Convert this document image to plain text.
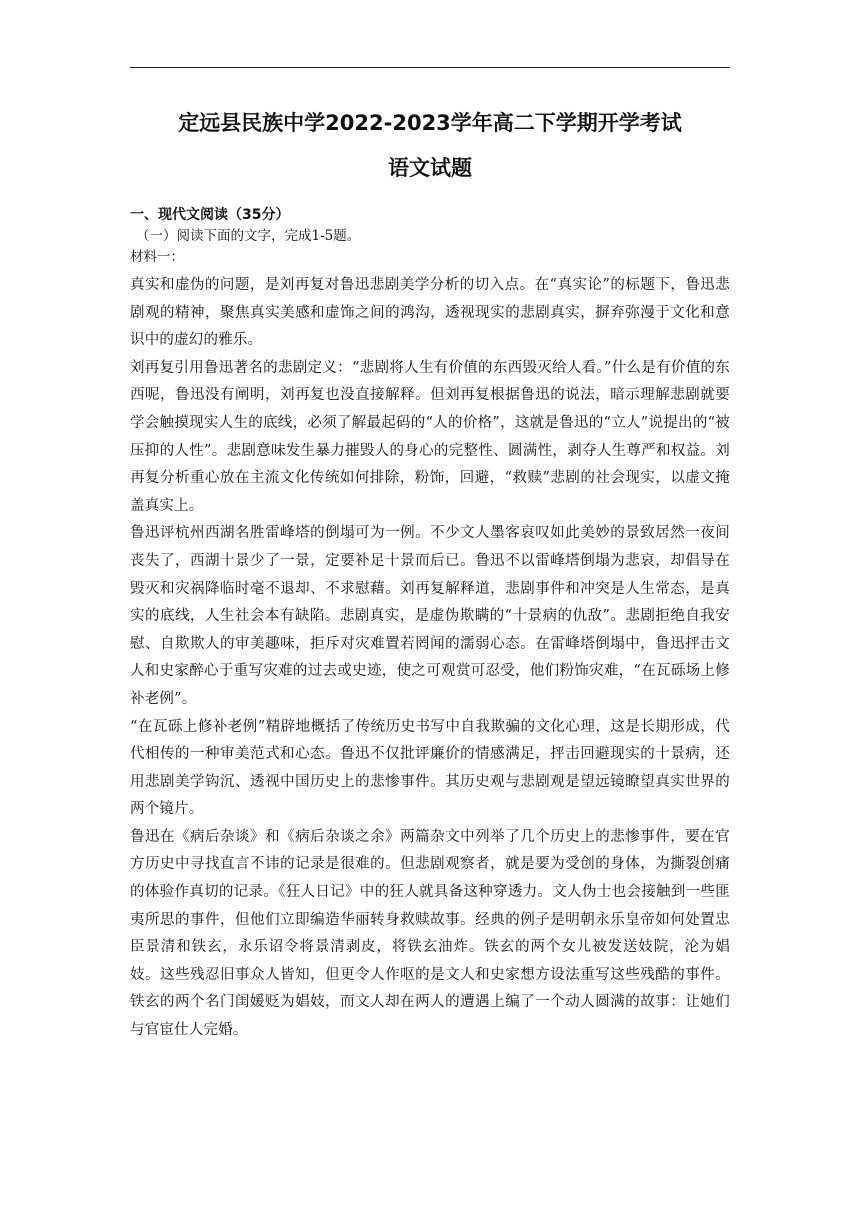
定远县民族中学2022-2023学年高二下学期开学考试
语文试题

一、现代文阅读（35分）

（一）阅读下面的文字，完成1-5题。

材料一：

真实和虚伪的问题，是刘再复对鲁迅悲剧美学分析的切入点。在“真实论”的标题下，鲁迅悲剧观的精神，聚焦真实美感和虚饰之间的鸿沟，透视现实的悲剧真实，摒弃弥漫于文化和意识中的虚幻的雅乐。

刘再复引用鲁迅著名的悲剧定义：“悲剧将人生有价值的东西毁灭给人看。”什么是有价值的东西呢，鲁迅没有阐明，刘再复也没直接解释。但刘再复根据鲁迅的说法，暗示理解悲剧就要学会触摸现实人生的底线，必须了解最起码的“人的价格”，这就是鲁迅的“立人”说提出的“被压抑的人性”。悲剧意味发生暴力摧毁人的身心的完整性、圆满性，剥夺人生尊严和权益。刘再复分析重心放在主流文化传统如何排除，粉饰，回避，“救赎”悲剧的社会现实，以虚文掩盖真实上。

鲁迅评杭州西湖名胜雷峰塔的倒塌可为一例。不少文人墨客哀叹如此美妙的景致居然一夜间丧失了，西湖十景少了一景，定要补足十景而后已。鲁迅不以雷峰塔倒塌为悲哀，却倡导在毁灭和灾祸降临时毫不退却、不求慰藉。刘再复解释道，悲剧事件和冲突是人生常态，是真实的底线，人生社会本有缺陷。悲剧真实，是虚伪欺瞒的“十景病的仇敌”。悲剧拒绝自我安慰、自欺欺人的审美趣味，拒斥对灾难置若罔闻的濡弱心态。在雷峰塔倒塌中，鲁迅抨击文人和史家醉心于重写灾难的过去或史迹，使之可观赏可忍受，他们粉饰灾难，“在瓦砾场上修补老例”。

“在瓦砾上修补老例”精辟地概括了传统历史书写中自我欺骗的文化心理，这是长期形成，代代相传的一种审美范式和心态。鲁迅不仅批评廉价的情感满足，抨击回避现实的十景病，还用悲剧美学钩沉、透视中国历史上的悲惨事件。其历史观与悲剧观是望远镜瞭望真实世界的两个镜片。

鲁迅在《病后杂谈》和《病后杂谈之余》两篇杂文中列举了几个历史上的悲惨事件，要在官方历史中寻找直言不讳的记录是很难的。但悲剧观察者，就是要为受创的身体，为撕裂创痛的体验作真切的记录。《狂人日记》中的狂人就具备这种穿透力。文人伪士也会接触到一些匪夷所思的事件，但他们立即编造华丽转身救赎故事。经典的例子是明朝永乐皇帝如何处置忠臣景清和铁玄，永乐诏令将景清剥皮，将铁玄油炸。铁玄的两个女儿被发送妓院，沦为娼妓。这些残忍旧事众人皆知，但更令人作呕的是文人和史家想方设法重写这些残酷的事件。铁玄的两个名门闺媛贬为娼妓，而文人却在两人的遭遇上编了一个动人圆满的故事：让她们与官宦仕人完婚。
